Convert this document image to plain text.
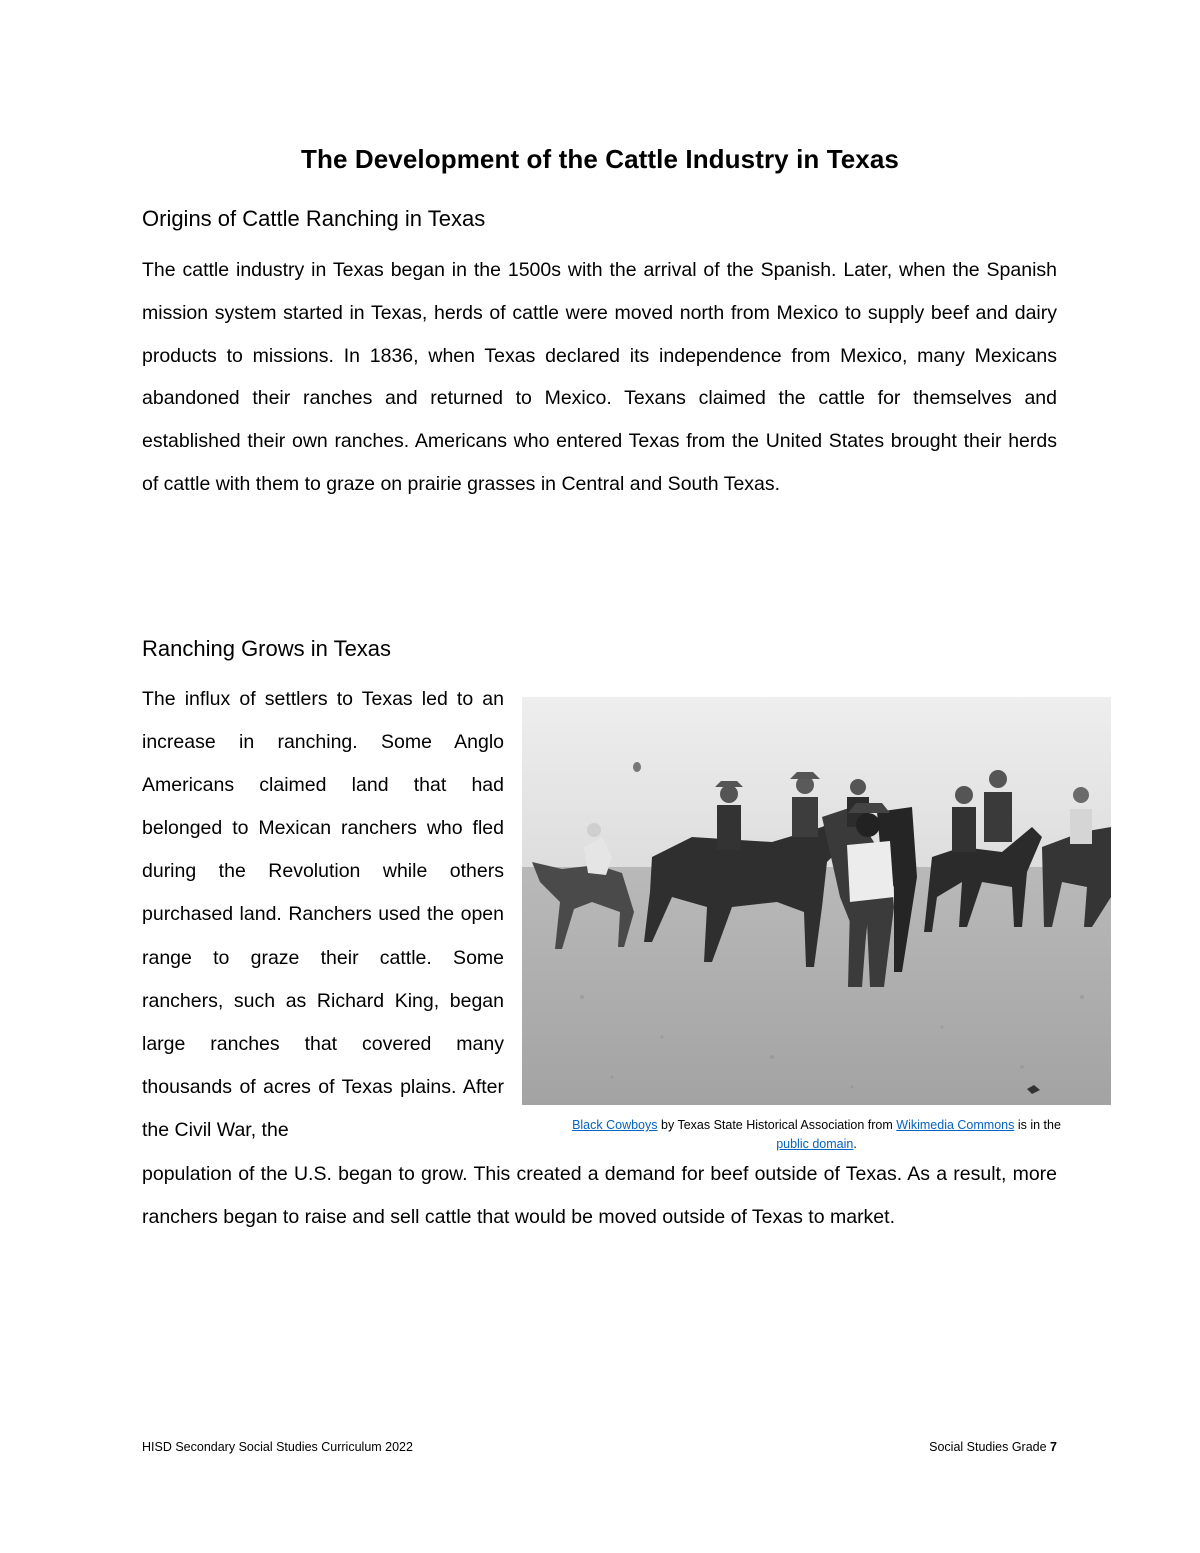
The Development of the Cattle Industry in Texas
Origins of Cattle Ranching in Texas

The cattle industry in Texas began in the 1500s with the arrival of the Spanish. Later, when the Spanish mission system started in Texas, herds of cattle were moved north from Mexico to supply beef and dairy products to missions. In 1836, when Texas declared its independence from Mexico, many Mexicans abandoned their ranches and returned to Mexico. Texans claimed the cattle for themselves and established their own ranches. Americans who entered Texas from the United States brought their herds of cattle with them to graze on prairie grasses in Central and South Texas.

Ranching Grows in Texas

The influx of settlers to Texas led to an increase in ranching. Some Anglo Americans claimed land that had belonged to Mexican ranchers who fled during the Revolution while others purchased land. Ranchers used the open range to graze their cattle. Some ranchers, such as Richard King, began large ranches that covered many thousands of acres of Texas plains. After the Civil War, the	Black Cowboys by Texas State Historical Association from Wikimedia Commons is in the
public domain.

population of the U.S. began to grow. This created a demand for beef outside of Texas. As a result, more ranchers began to raise and sell cattle that would be moved outside of Texas to market.

HISD Secondary Social Studies Curriculum 2022	Social Studies Grade 7
